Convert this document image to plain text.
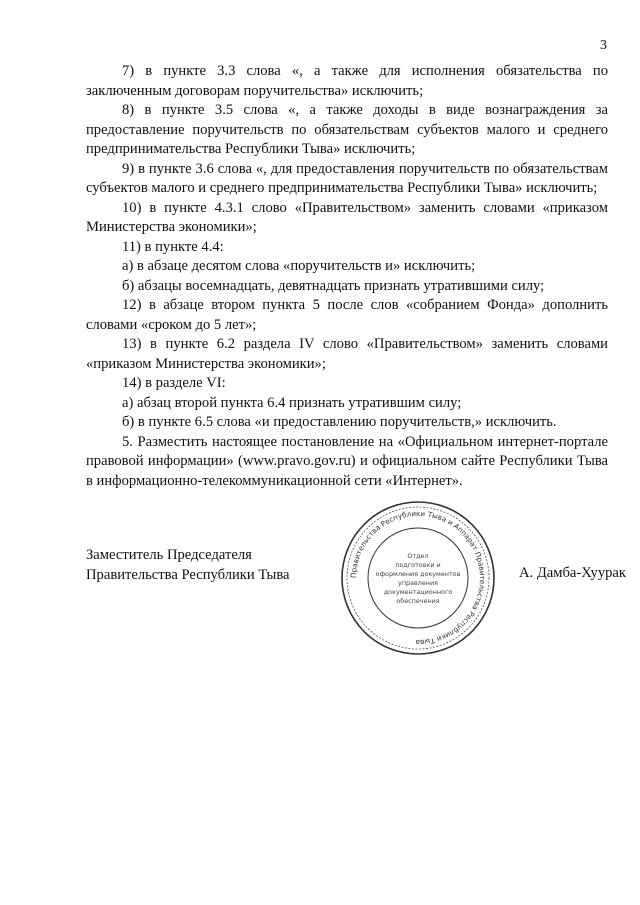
3

7) в пункте 3.3 слова «, а также для исполнения обязательства по заключенным договорам поручительства» исключить;

8) в пункте 3.5 слова «, а также доходы в виде вознаграждения за предоставление поручительств по обязательствам субъектов малого и среднего предпринимательства Республики Тыва» исключить;

9) в пункте 3.6 слова «, для предоставления поручительств по обязательствам субъектов малого и среднего предпринимательства Республики Тыва» исключить;

10) в пункте 4.3.1 слово «Правительством» заменить словами «приказом Министерства экономики»;

11) в пункте 4.4:

а) в абзаце десятом слова «поручительств и» исключить;

б) абзацы восемнадцать, девятнадцать признать утратившими силу;

12) в абзаце втором пункта 5 после слов «собранием Фонда» дополнить словами «сроком до 5 лет»;

13) в пункте 6.2 раздела IV слово «Правительством» заменить словами «приказом Министерства экономики»;

14) в разделе VI:

а) абзац второй пункта 6.4 признать утратившим силу;

б) в пункте 6.5 слова «и предоставлению поручительств,» исключить.

5. Разместить настоящее постановление на «Официальном интернет-портале правовой информации» (www.pravo.gov.ru) и официальном сайте Республики Тыва в информационно-телекоммуникационной сети «Интернет».

Заместитель Председателя
Правительства Республики Тыва	А. Дамба-Хуурак
Правительства Республики Тыва и Аппарат Правительства Республики Тыва
Отдел
подготовки и
оформления документов
управления
документационного
обеспечения
